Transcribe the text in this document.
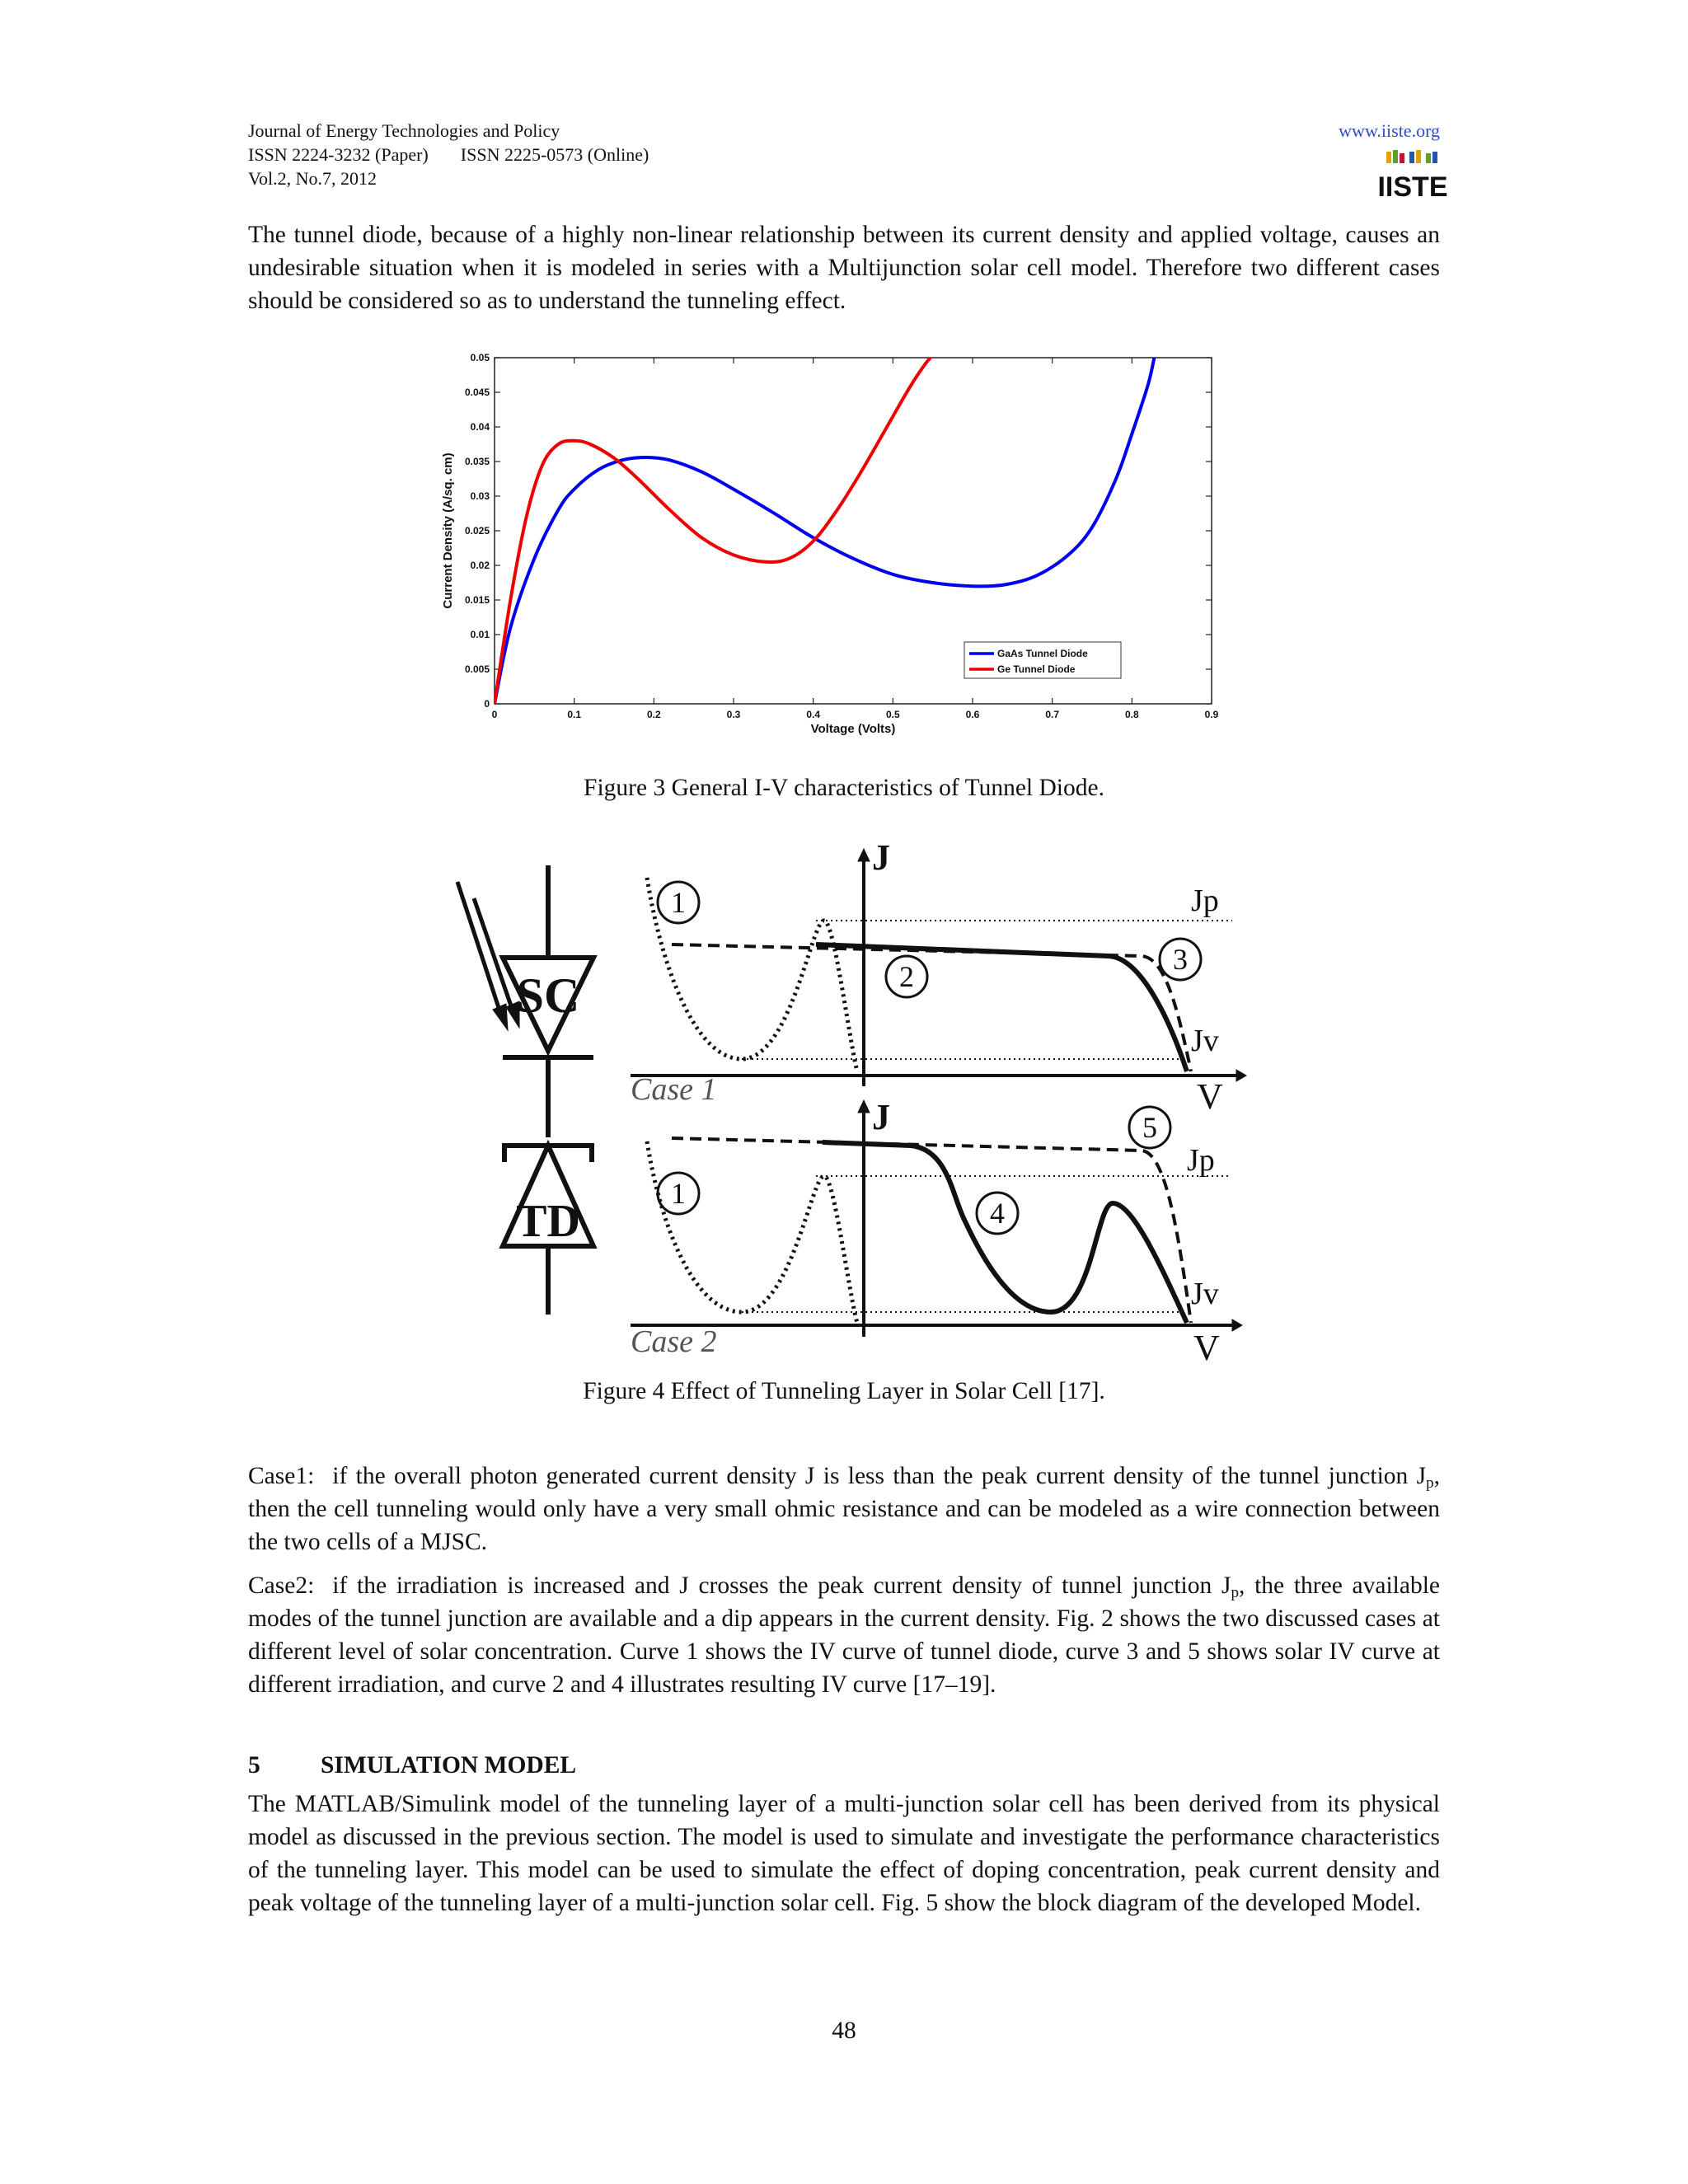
Journal of Energy Technologies and Policy
ISSN 2224-3232 (Paper) ISSN 2225-0573 (Online)
Vol.2, No.7, 2012
www.iiste.org
IISTE

The tunnel diode, because of a highly non-linear relationship between its current density and applied voltage, causes an undesirable situation when it is modeled in series with a Multijunction solar cell model. Therefore two different cases should be considered so as to understand the tunneling effect.

0	0.1	0.2	0.3	0.4	0.5	0.6	0.7	0.8	0.9
0
0.005
0.01
0.015
0.02
0.025
0.03
0.035
0.04
0.045
0.05
Voltage (Volts)
Current Density (A/sq. cm)
GaAs Tunnel Diode
Ge Tunnel Diode
Figure 3 General I-V characteristics of Tunnel Diode.
SC
TD
1
2
3
J
Jp
Jv
V
Case 1
1
4
5
J
Jp
Jv
V
Case 2
Figure 4 Effect of Tunneling Layer in Solar Cell [17].

Case1: if the overall photon generated current density J is less than the peak current density of the tunnel junction $J_p$, then the cell tunneling would only have a very small ohmic resistance and can be modeled as a wire connection between the two cells of a MJSC.

Case2: if the irradiation is increased and J crosses the peak current density of tunnel junction $J_p$, the three available modes of the tunnel junction are available and a dip appears in the current density. Fig. 2 shows the two discussed cases at different level of solar concentration. Curve 1 shows the IV curve of tunnel diode, curve 3 and 5 shows solar IV curve at different irradiation, and curve 2 and 4 illustrates resulting IV curve [17–19].

5 SIMULATION MODEL

The MATLAB/Simulink model of the tunneling layer of a multi-junction solar cell has been derived from its physical model as discussed in the previous section. The model is used to simulate and investigate the performance characteristics of the tunneling layer. This model can be used to simulate the effect of doping concentration, peak current density and peak voltage of the tunneling layer of a multi-junction solar cell. Fig. 5 show the block diagram of the developed Model.

48
